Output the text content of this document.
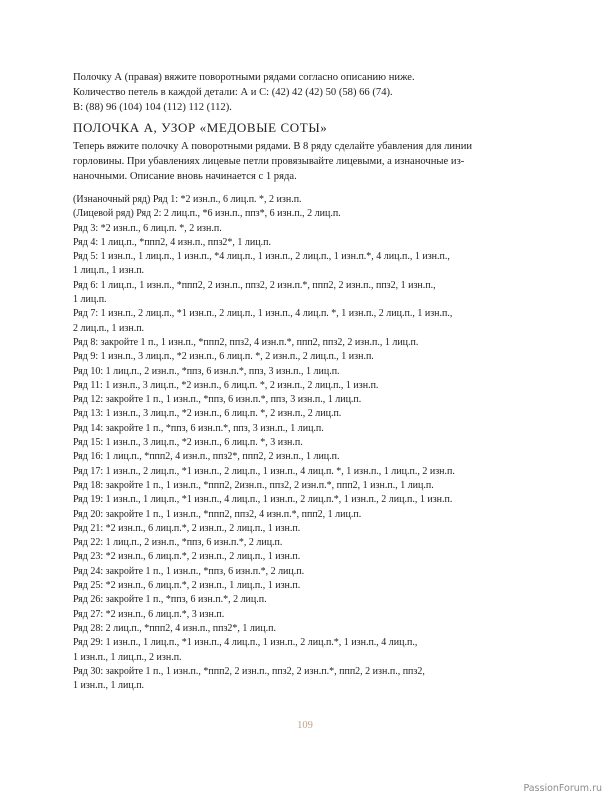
Полочку А (правая) вяжите поворотными рядами согласно описанию ниже.

Количество петель в каждой детали: А и С: (42) 42 (42) 50 (58) 66 (74).

В: (88) 96 (104) 104 (112) 112 (112).

ПОЛОЧКА А, УЗОР «МЕДОВЫЕ СОТЫ»
Теперь вяжите полочку А поворотными рядами. В 8 ряду сделайте убавления для линии
горловины. При убавлениях лицевые петли провязывайте лицевыми, а изнаночные из-
наночными. Описание вновь начинается с 1 ряда.
(Изнаночный ряд) Ряд 1: *2 изн.п., 6 лиц.п. *, 2 изн.п.
(Лицевой ряд) Ряд 2: 2 лиц.п., *6 изн.п., ппз*, 6 изн.п., 2 лиц.п.
Ряд 3: *2 изн.п., 6 лиц.п. *, 2 изн.п.
Ряд 4: 1 лиц.п., *ппп2, 4 изн.п., ппз2*, 1 лиц.п.
Ряд 5: 1 изн.п., 1 лиц.п., 1 изн.п., *4 лиц.п., 1 изн.п., 2 лиц.п., 1 изн.п.*, 4 лиц.п., 1 изн.п.,
1 лиц.п., 1 изн.п.
Ряд 6: 1 лиц.п., 1 изн.п., *ппп2, 2 изн.п., ппз2, 2 изн.п.*, ппп2, 2 изн.п., ппз2, 1 изн.п.,
1 лиц.п.
Ряд 7: 1 изн.п., 2 лиц.п., *1 изн.п., 2 лиц.п., 1 изн.п., 4 лиц.п. *, 1 изн.п., 2 лиц.п., 1 изн.п.,
2 лиц.п., 1 изн.п.
Ряд 8: закройте 1 п., 1 изн.п., *ппп2, ппз2, 4 изн.п.*, ппп2, ппз2, 2 изн.п., 1 лиц.п.
Ряд 9: 1 изн.п., 3 лиц.п., *2 изн.п., 6 лиц.п. *, 2 изн.п., 2 лиц.п., 1 изн.п.
Ряд 10: 1 лиц.п., 2 изн.п., *ппз, 6 изн.п.*, ппз, 3 изн.п., 1 лиц.п.
Ряд 11: 1 изн.п., 3 лиц.п., *2 изн.п., 6 лиц.п. *, 2 изн.п., 2 лиц.п., 1 изн.п.
Ряд 12: закройте 1 п., 1 изн.п., *ппз, 6 изн.п.*, ппз, 3 изн.п., 1 лиц.п.
Ряд 13: 1 изн.п., 3 лиц.п., *2 изн.п., 6 лиц.п. *, 2 изн.п., 2 лиц.п.
Ряд 14: закройте 1 п., *ппз, 6 изн.п.*, ппз, 3 изн.п., 1 лиц.п.
Ряд 15: 1 изн.п., 3 лиц.п., *2 изн.п., 6 лиц.п. *, 3 изн.п.
Ряд 16: 1 лиц.п., *ппп2, 4 изн.п., ппз2*, ппп2, 2 изн.п., 1 лиц.п.
Ряд 17: 1 изн.п., 2 лиц.п., *1 изн.п., 2 лиц.п., 1 изн.п., 4 лиц.п. *, 1 изн.п., 1 лиц.п., 2 изн.п.
Ряд 18: закройте 1 п., 1 изн.п., *ппп2, 2изн.п., ппз2, 2 изн.п.*, ппп2, 1 изн.п., 1 лиц.п.
Ряд 19: 1 изн.п., 1 лиц.п., *1 изн.п., 4 лиц.п., 1 изн.п., 2 лиц.п.*, 1 изн.п., 2 лиц.п., 1 изн.п.
Ряд 20: закройте 1 п., 1 изн.п., *ппп2, ппз2, 4 изн.п.*, ппп2, 1 лиц.п.
Ряд 21: *2 изн.п., 6 лиц.п.*, 2 изн.п., 2 лиц.п., 1 изн.п.
Ряд 22: 1 лиц.п., 2 изн.п., *ппз, 6 изн.п.*, 2 лиц.п.
Ряд 23: *2 изн.п., 6 лиц.п.*, 2 изн.п., 2 лиц.п., 1 изн.п.
Ряд 24: закройте 1 п., 1 изн.п., *ппз, 6 изн.п.*, 2 лиц.п.
Ряд 25: *2 изн.п., 6 лиц.п.*, 2 изн.п., 1 лиц.п., 1 изн.п.
Ряд 26: закройте 1 п., *ппз, 6 изн.п.*, 2 лиц.п.
Ряд 27: *2 изн.п., 6 лиц.п.*, 3 изн.п.
Ряд 28: 2 лиц.п., *ппп2, 4 изн.п., ппз2*, 1 лиц.п.
Ряд 29: 1 изн.п., 1 лиц.п., *1 изн.п., 4 лиц.п., 1 изн.п., 2 лиц.п.*, 1 изн.п., 4 лиц.п.,
1 изн.п., 1 лиц.п., 2 изн.п.
Ряд 30: закройте 1 п., 1 изн.п., *ппп2, 2 изн.п., ппз2, 2 изн.п.*, ппп2, 2 изн.п., ппз2,
1 изн.п., 1 лиц.п.
109
PassionForum.ru
